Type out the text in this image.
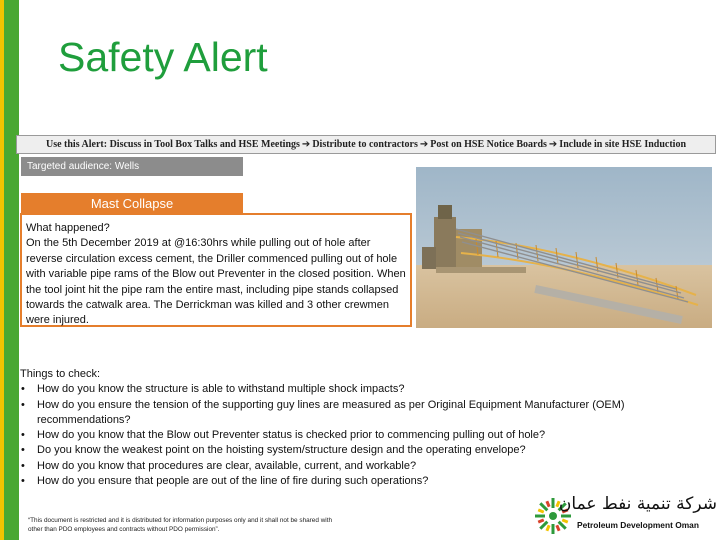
Safety Alert
Use this Alert: Discuss in Tool Box Talks and HSE Meetings ➔ Distribute to contractors ➔ Post on HSE Notice Boards ➔ Include in site HSE Induction
Targeted audience: Wells
Mast Collapse
What happened?
On the 5th December 2019 at @16:30hrs while pulling out of hole after reverse circulation excess cement, the Driller commenced pulling out of hole with variable pipe rams of the Blow out Preventer in the closed position. When the tool joint hit the pipe ram the entire mast, including pipe stands collapsed towards the catwalk area. The Derrickman was killed and 3 other crewmen were injured.
Things to check:
• How do you know the structure is able to withstand multiple shock impacts?
• How do you ensure the tension of the supporting guy lines are measured as per Original Equipment Manufacturer (OEM) recommendations?
• How do you know that the Blow out Preventer status is checked prior to commencing pulling out of hole?
• Do you know the weakest point on the hoisting system/structure design and the operating envelope?
• How do you know that procedures are clear, available, current, and workable?
• How do you ensure that people are out of the line of fire during such operations?
“This document is restricted and it is distributed for information purposes only and it shall not be shared with other than PDO employees and contracts without PDO permission”.
شركة تنمية نفط عمان
Petroleum Development Oman
